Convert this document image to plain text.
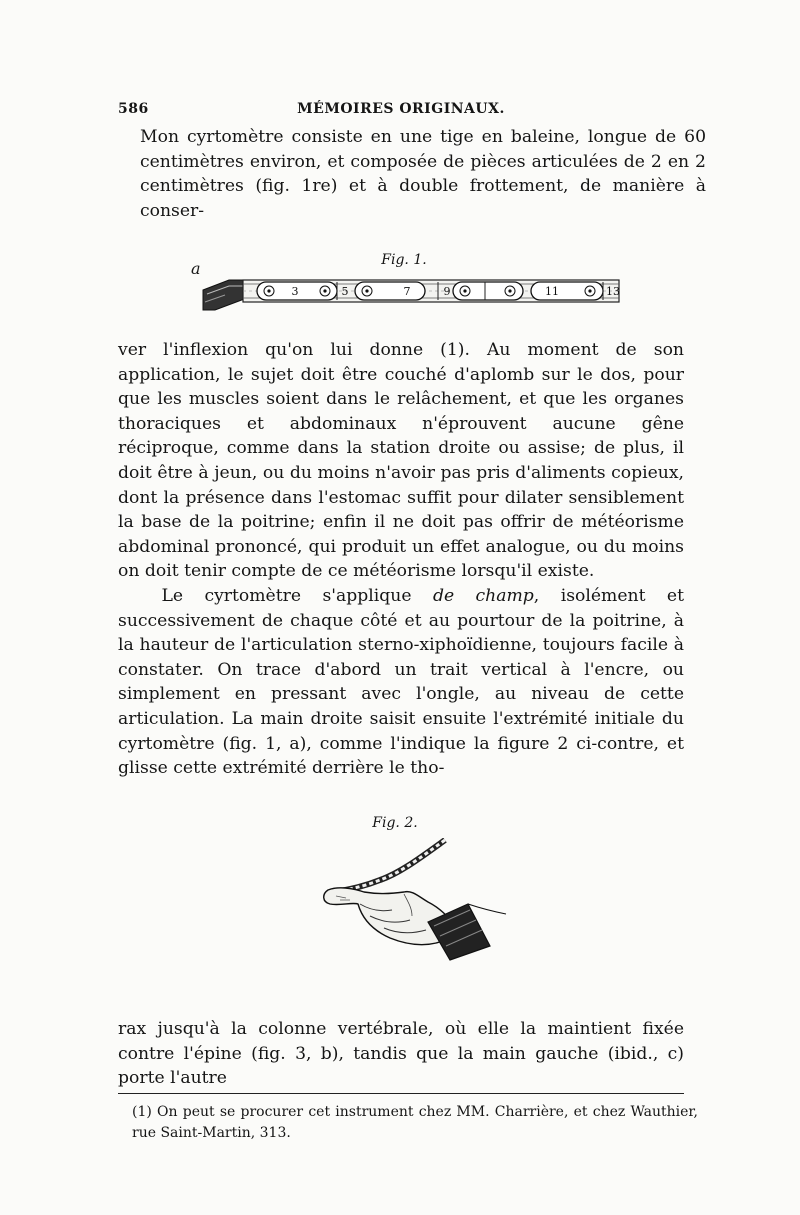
586	MÉMOIRES ORIGINAUX.

Mon cyrtomètre consiste en une tige en baleine, longue de 60 centimètres environ, et composée de pièces articulées de 2 en 2 centimètres (fig. 1re) et à double frottement, de manière à conser-

Fig. 1.
a
3	5	7	9	11	13

ver l'inflexion qu'on lui donne (1). Au moment de son application, le sujet doit être couché d'aplomb sur le dos, pour que les muscles soient dans le relâchement, et que les organes thoraciques et abdominaux n'éprouvent aucune gêne réciproque, comme dans la station droite ou assise; de plus, il doit être à jeun, ou du moins n'avoir pas pris d'aliments copieux, dont la présence dans l'estomac suffit pour dilater sensiblement la base de la poitrine; enfin il ne doit pas offrir de météorisme abdominal prononcé, qui produit un effet analogue, ou du moins on doit tenir compte de ce météorisme lorsqu'il existe.
Le cyrtomètre s'applique de champ, isolément et successivement de chaque côté et au pourtour de la poitrine, à la hauteur de l'articulation sterno-xiphoïdienne, toujours facile à constater. On trace d'abord un trait vertical à l'encre, ou simplement en pressant avec l'ongle, au niveau de cette articulation. La main droite saisit ensuite l'extrémité initiale du cyrtomètre (fig. 1, a), comme l'indique la figure 2 ci-contre, et glisse cette extrémité derrière le tho-

Fig. 2.

rax jusqu'à la colonne vertébrale, où elle la maintient fixée contre l'épine (fig. 3, b), tandis que la main gauche (ibid., c) porte l'autre

(1) On peut se procurer cet instrument chez MM. Charrière, et chez Wauthier, rue Saint-Martin, 313.
